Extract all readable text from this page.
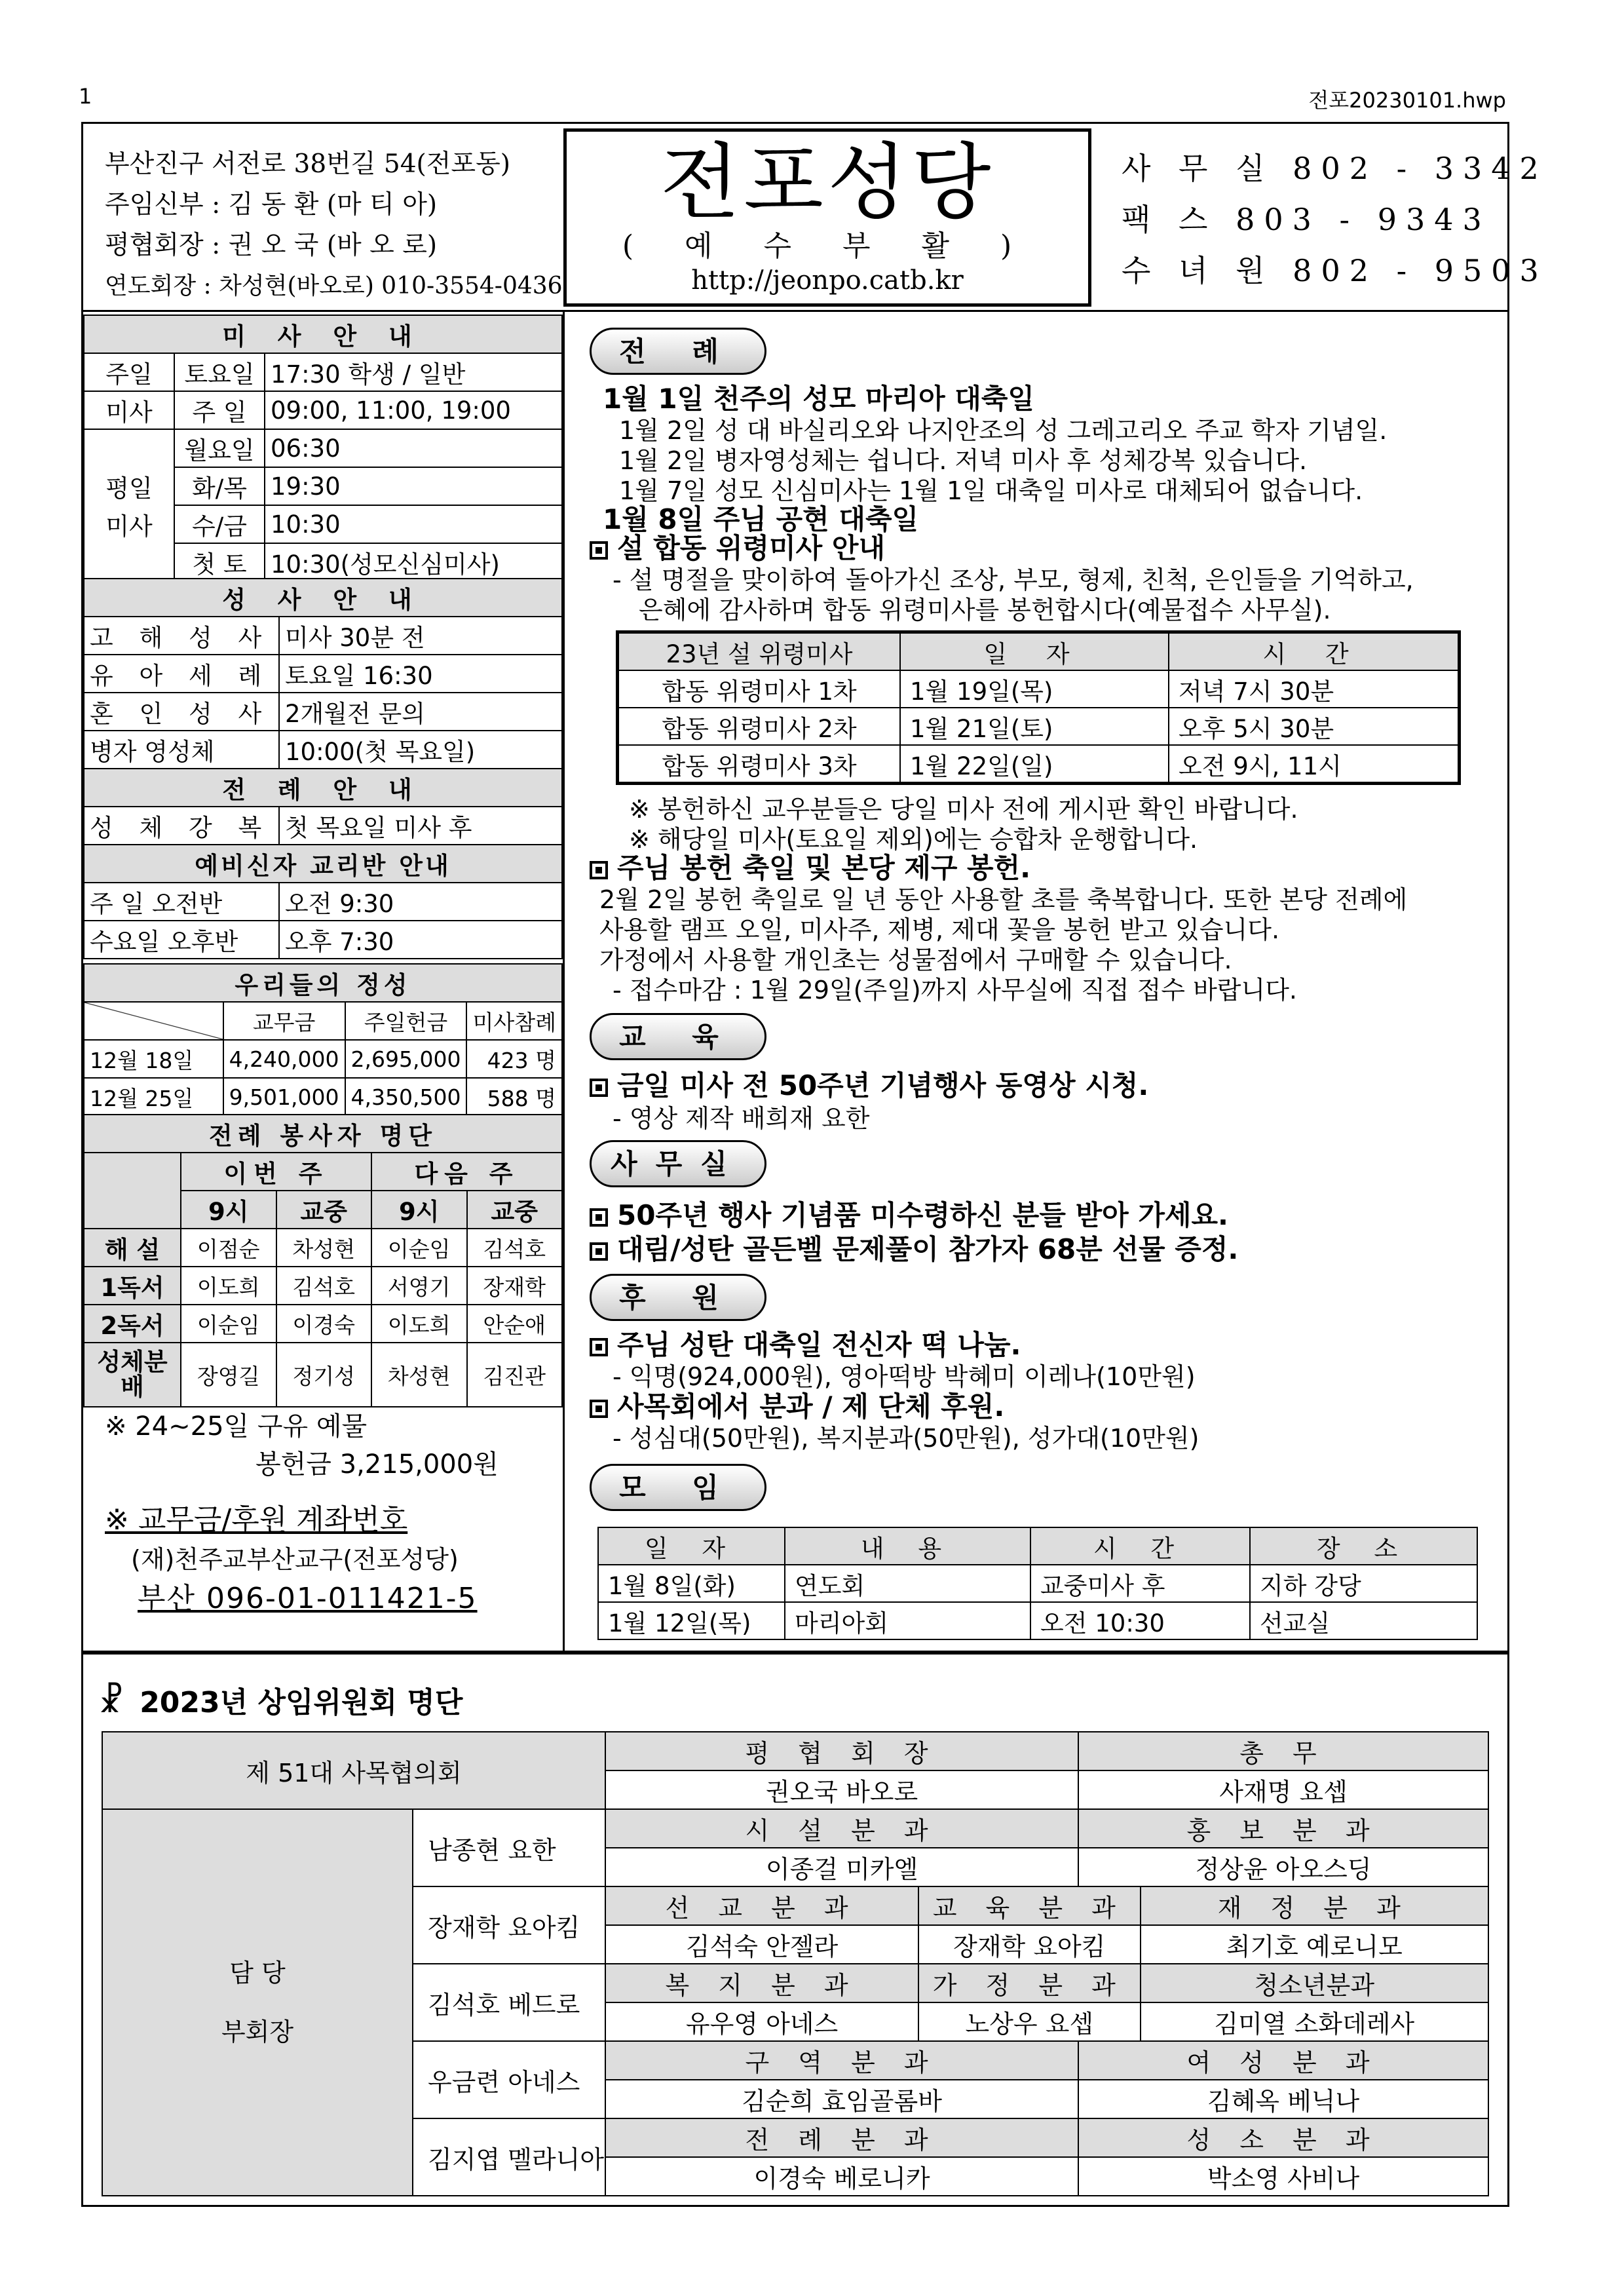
1	전포20230101.hwp
부산진구 서전로 38번길 54(전포동)
주임신부 : 김 동 환 (마 티 아)
평협회장 : 권 오 국 (바 오 로)
연도회장 : 차성현(바오로) 010-3554-0436
전포성당
( 예 수 부 활 )
http://jeonpo.catb.kr
사 무 실 802 - 3342
팩 스 803 - 9343
수 녀 원 802 - 9503
미 사 안 내		
주일	토요일	17:30 학생 / 일반
미사	주 일	09:00, 11:00, 19:00
	월요일	06:30
평일	화/목	19:30
미사	수/금	10:30
	첫 토	10:30(성모신심미사)
성 사 안 내	
고 해 성 사	미사 30분 전
유 아 세 례	토요일 16:30
혼 인 성 사	2개월전 문의
병자 영성체	10:00(첫 목요일)
전 례 안 내	
성 체 강 복	첫 목요일 미사 후
예비신자 교리반 안내	
주 일 오전반	오전 9:30
수요일 오후반	오후 7:30
우리들의 정성			
	교무금	주일헌금	미사참례
12월 18일	4,240,000	2,695,000	423 명
12월 25일	9,501,000	4,350,500	588 명
전례 봉사자 명단				
	이번 주		다음 주	
	9시	교중	9시	교중
해 설	이점순	차성현	이순임	김석호
1독서	이도희	김석호	서영기	장재학
2독서	이순임	이경숙	이도희	안순애
성체분배	장영길	정기성	차성현	김진관
※ 24~25일 구유 예물
봉헌금 3,215,000원
※ 교무금/후원 계좌번호
(재)천주교부산교구(전포성당)
부산 096-01-011421-5
전 례
1월 1일 천주의 성모 마리아 대축일
1월 2일 성 대 바실리오와 나지안조의 성 그레고리오 주교 학자 기념일.
1월 2일 병자영성체는 쉽니다. 저녁 미사 후 성체강복 있습니다.
1월 7일 성모 신심미사는 1월 1일 대축일 미사로 대체되어 없습니다.
1월 8일 주님 공현 대축일
설 합동 위령미사 안내
- 설 명절을 맞이하여 돌아가신 조상, 부모, 형제, 친척, 은인들을 기억하고,
은혜에 감사하며 합동 위령미사를 봉헌합시다(예물접수 사무실).
23년 설 위령미사	일 자	시 간
합동 위령미사 1차	1월 19일(목)	저녁 7시 30분
합동 위령미사 2차	1월 21일(토)	오후 5시 30분
합동 위령미사 3차	1월 22일(일)	오전 9시, 11시
※ 봉헌하신 교우분들은 당일 미사 전에 게시판 확인 바랍니다.
※ 해당일 미사(토요일 제외)에는 승합차 운행합니다.
주님 봉헌 축일 및 본당 제구 봉헌.
2월 2일 봉헌 축일로 일 년 동안 사용할 초를 축복합니다. 또한 본당 전례에
사용할 램프 오일, 미사주, 제병, 제대 꽃을 봉헌 받고 있습니다.
가정에서 사용할 개인초는 성물점에서 구매할 수 있습니다.
- 접수마감 : 1월 29일(주일)까지 사무실에 직접 접수 바랍니다.
교 육
금일 미사 전 50주년 기념행사 동영상 시청.
- 영상 제작 배희재 요한
사무실
50주년 행사 기념품 미수령하신 분들 받아 가세요.
대림/성탄 골든벨 문제풀이 참가자 68분 선물 증정.
후 원
주님 성탄 대축일 전신자 떡 나눔.
- 익명(924,000원), 영아떡방 박혜미 이레나(10만원)
사목회에서 분과 / 제 단체 후원.
- 성심대(50만원), 복지분과(50만원), 성가대(10만원)
모 임
일 자	내 용	시 간	장 소
1월 8일(화)	연도회	교중미사 후	지하 강당
1월 12일(목)	마리아회	오전 10:30	선교실
☧ 2023년 상임위원회 명단
제 51대 사목협의회		평 협 회 장			총 무	
		권오국 바오로			사재명 요셉	

담 당
부회장	남종현 요한	시 설 분 과			홍 보 분 과	
		이종걸 미카엘			정상윤 아오스딩	
	장재학 요아킴	선 교 분 과		교 육 분 과		재 정 분 과
		김석숙 안젤라		장재학 요아킴		최기호 예로니모
	김석호 베드로	복 지 분 과		가 정 분 과		청소년분과
		유우영 아네스		노상우 요셉		김미열 소화데레사
	우금련 아네스	구 역 분 과			여 성 분 과	
		김순희 효임골롬바			김혜옥 베닉나	
	김지엽 멜라니아	전 례 분 과			성 소 분 과	
		이경숙 베로니카			박소영 사비나	
